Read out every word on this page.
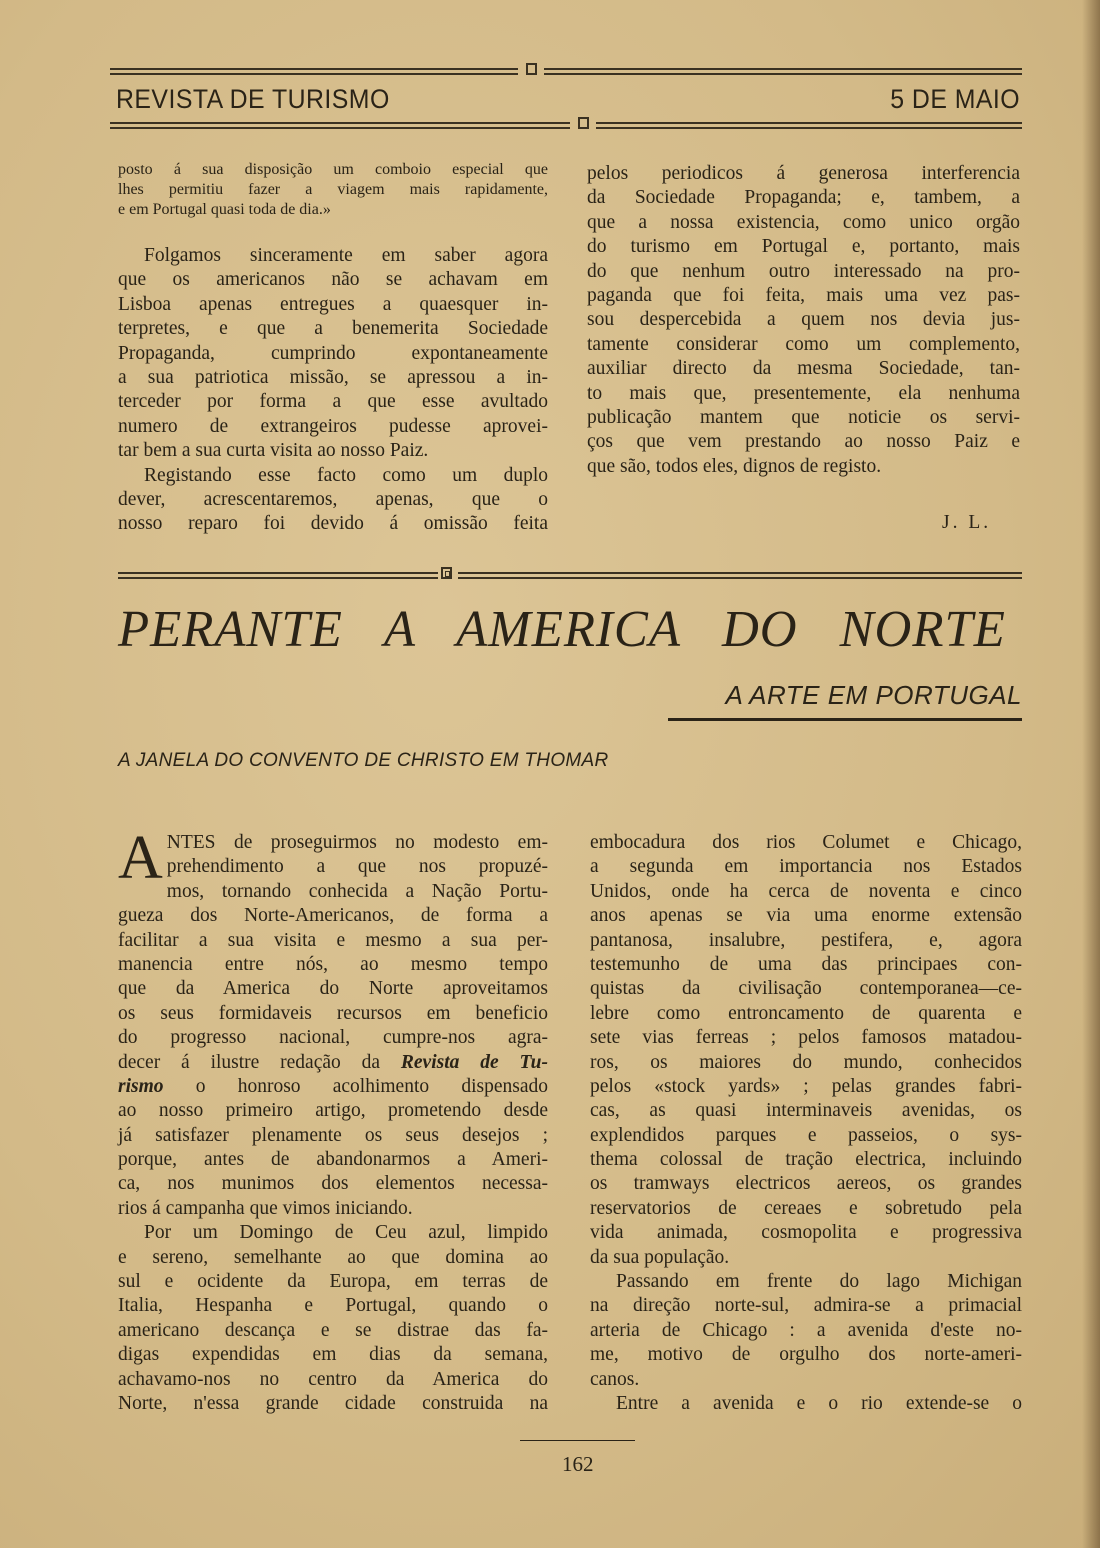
REVISTA DE TURISMO	5 DE MAIO
posto á sua disposição um comboio especial que
lhes permitiu fazer a viagem mais rapidamente,
e em Portugal quasi toda de dia.»
Folgamos sinceramente em saber agora
que os americanos não se achavam em
Lisboa apenas entregues a quaesquer in-
terpretes, e que a benemerita Sociedade
Propaganda, cumprindo expontaneamente
a sua patriotica missão, se apressou a in-
terceder por forma a que esse avultado
numero de extrangeiros pudesse aprovei-
tar bem a sua curta visita ao nosso Paiz.
Registando esse facto como um duplo
dever, acrescentaremos, apenas, que o
nosso reparo foi devido á omissão feita
pelos periodicos á generosa interferencia
da Sociedade Propaganda; e, tambem, a
que a nossa existencia, como unico orgão
do turismo em Portugal e, portanto, mais
do que nenhum outro interessado na pro-
paganda que foi feita, mais uma vez pas-
sou despercebida a quem nos devia jus-
tamente considerar como um complemento,
auxiliar directo da mesma Sociedade, tan-
to mais que, presentemente, ela nenhuma
publicação mantem que noticie os servi-
ços que vem prestando ao nosso Paiz e
que são, todos eles, dignos de registo.
J. L.
PERANTE A AMERICA DO NORTE
A ARTE EM PORTUGAL
A JANELA DO CONVENTO DE CHRISTO EM THOMAR
A NTES de proseguirmos no modesto em-
prehendimento a que nos propuzé-
mos, tornando conhecida a Nação Portu-
gueza dos Norte-Americanos, de forma a
facilitar a sua visita e mesmo a sua per-
manencia entre nós, ao mesmo tempo
que da America do Norte aproveitamos
os seus formidaveis recursos em beneficio
do progresso nacional, cumpre-nos agra-
decer á ilustre redação da Revista de Tu-
rismo o honroso acolhimento dispensado
ao nosso primeiro artigo, prometendo desde
já satisfazer plenamente os seus desejos ;
porque, antes de abandonarmos a Ameri-
ca, nos munimos dos elementos necessa-
rios á campanha que vimos iniciando.
Por um Domingo de Ceu azul, limpido
e sereno, semelhante ao que domina ao
sul e ocidente da Europa, em terras de
Italia, Hespanha e Portugal, quando o
americano descança e se distrae das fa-
digas expendidas em dias da semana,
achavamo-nos no centro da America do
Norte, n'essa grande cidade construida na
embocadura dos rios Columet e Chicago,
a segunda em importancia nos Estados
Unidos, onde ha cerca de noventa e cinco
anos apenas se via uma enorme extensão
pantanosa, insalubre, pestifera, e, agora
testemunho de uma das principaes con-
quistas da civilisação contemporanea—ce-
lebre como entroncamento de quarenta e
sete vias ferreas ; pelos famosos matadou-
ros, os maiores do mundo, conhecidos
pelos «stock yards» ; pelas grandes fabri-
cas, as quasi interminaveis avenidas, os
explendidos parques e passeios, o sys-
thema colossal de tração electrica, incluindo
os tramways electricos aereos, os grandes
reservatorios de cereaes e sobretudo pela
vida animada, cosmopolita e progressiva
da sua população.
Passando em frente do lago Michigan
na direção norte-sul, admira-se a primacial
arteria de Chicago : a avenida d'este no-
me, motivo de orgulho dos norte-ameri-
canos.
Entre a avenida e o rio extende-se o
162
